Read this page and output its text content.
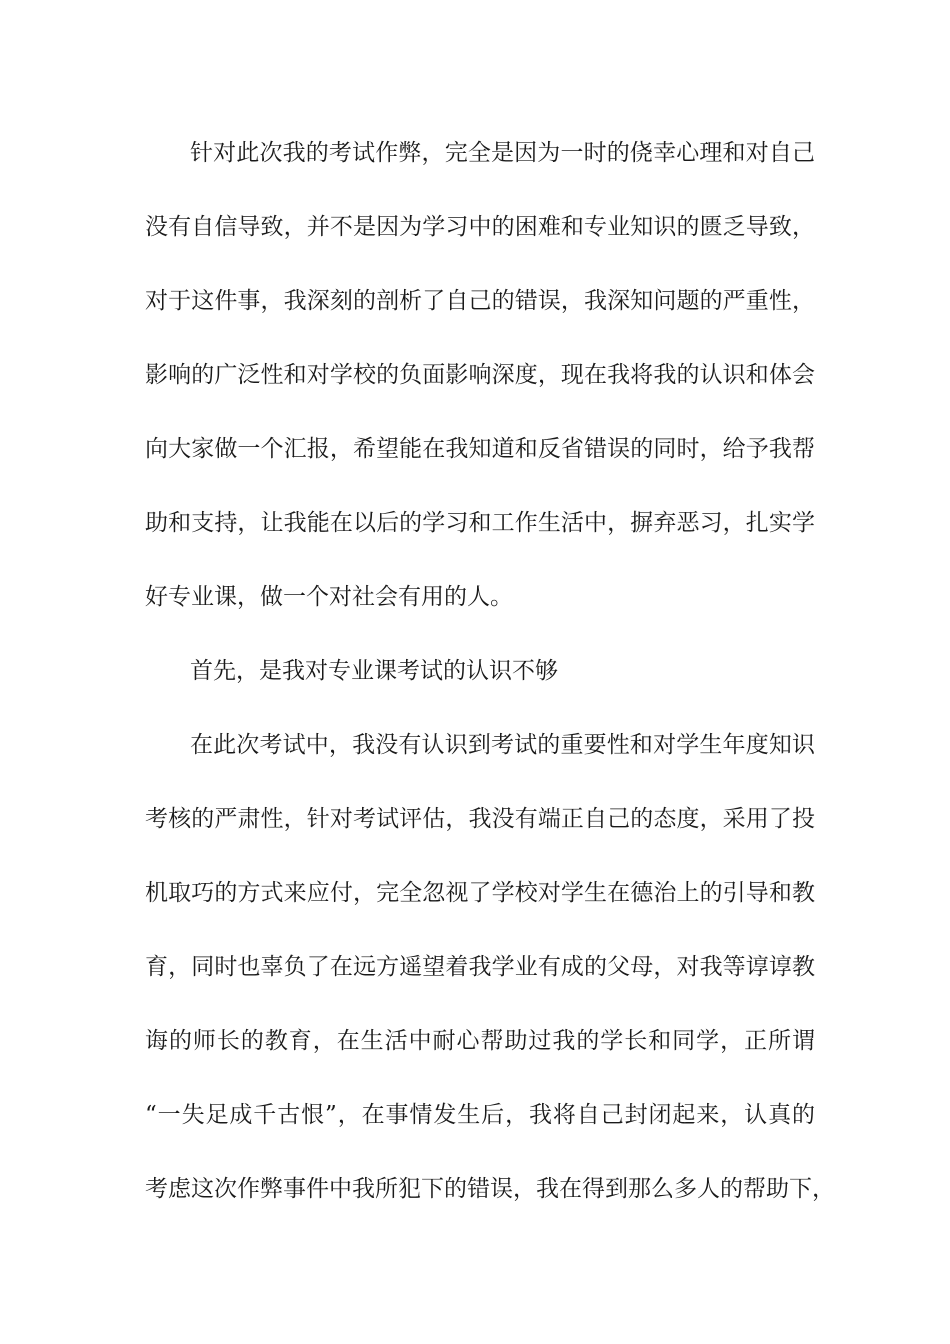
针对此次我的考试作弊，完全是因为一时的侥幸心理和对自己
没有自信导致，并不是因为学习中的困难和专业知识的匮乏导致，
对于这件事，我深刻的剖析了自己的错误，我深知问题的严重性，
影响的广泛性和对学校的负面影响深度，现在我将我的认识和体会
向大家做一个汇报，希望能在我知道和反省错误的同时，给予我帮
助和支持，让我能在以后的学习和工作生活中，摒弃恶习，扎实学
好专业课，做一个对社会有用的人。
首先，是我对专业课考试的认识不够
在此次考试中，我没有认识到考试的重要性和对学生年度知识
考核的严肃性，针对考试评估，我没有端正自己的态度，采用了投
机取巧的方式来应付，完全忽视了学校对学生在德治上的引导和教
育，同时也辜负了在远方遥望着我学业有成的父母，对我等谆谆教
诲的师长的教育，在生活中耐心帮助过我的学长和同学，正所谓
“一失足成千古恨”，在事情发生后，我将自己封闭起来，认真的
考虑这次作弊事件中我所犯下的错误，我在得到那么多人的帮助下，
